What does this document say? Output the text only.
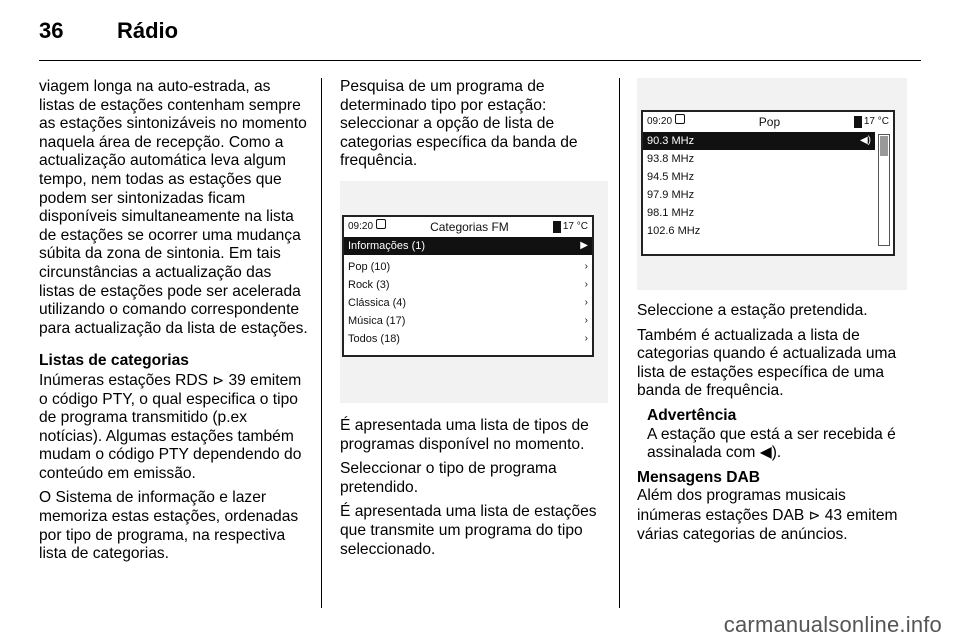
36	Rádio

viagem longa na auto-estrada, as listas de estações contenham sempre as estações sintonizáveis no momento naquela área de recepção. Como a actualização automática leva algum tempo, nem todas as estações que podem ser sintonizadas ficam disponíveis simultaneamente na lista de estações se ocorrer uma mudança súbita da zona de sintonia. Em tais circunstâncias a actualização das listas de estações pode ser acelerada utilizando o comando correspondente para actualização da lista de estações.

Listas de categorias

Inúmeras estações RDS ⊳ 39 emitem o código PTY, o qual especifica o tipo de programa transmitido (p.ex notícias). Algumas estações também mudam o código PTY dependendo do conteúdo em emissão.

O Sistema de informação e lazer memoriza estas estações, ordenadas por tipo de programa, na respectiva lista de categorias.

Pesquisa de um programa de determinado tipo por estação: seleccionar a opção de lista de categorias específica da banda de frequência.

09:20	Categorias FM	17 °C
Informações (1)	▶
Pop (10)	›
Rock (3)	›
Clássica (4)	›
Música (17)	›
Todos (18)	›

É apresentada uma lista de tipos de programas disponível no momento.

Seleccionar o tipo de programa pretendido.

É apresentada uma lista de estações que transmite um programa do tipo seleccionado.

09:20	Pop	17 °C
90.3 MHz	◀)
93.8 MHz
94.5 MHz
97.9 MHz
98.1 MHz
102.6 MHz

Seleccione a estação pretendida.

Também é actualizada a lista de categorias quando é actualizada uma lista de estações específica de uma banda de frequência.

Advertência

A estação que está a ser recebida é assinalada com ◀).

Mensagens DAB

Além dos programas musicais inúmeras estações DAB ⊳ 43 emitem várias categorias de anúncios.

carmanualsonline.info
